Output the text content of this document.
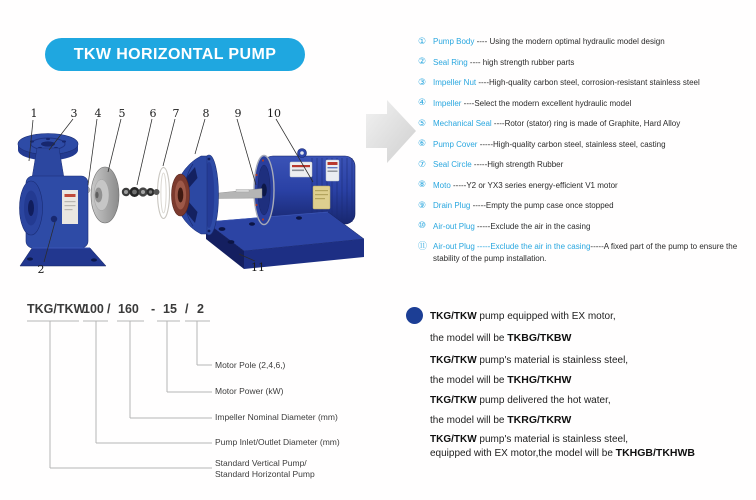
TKW HORIZONTAL PUMP
1	3	4	5	6	7	8	9	10
2	11
① Pump Body ---- Using the modern optimal hydraulic model design
② Seal Ring ---- high strength rubber parts
③ Impeller Nut ----High-quality carbon steel, corrosion-resistant stainless steel
④ Impeller ----Select the modern excellent hydraulic model
⑤ Mechanical Seal ----Rotor (stator) ring is made of Graphite, Hard Alloy
⑥ Pump Cover -----High-quality carbon steel, stainless steel, casting
⑦ Seal Circle -----High strength Rubber
⑧ Moto -----Y2 or YX3 series energy-efficient V1 motor
⑨ Drain Plug -----Empty the pump case once stopped
⑩ Air-out Plug -----Exclude the air in the casing
⑪ Air-out Plug -----Exclude the air in the casing-----A fixed part of the pump to ensure the stability of the pump installation.
TKG/TKW
100 / 160 - 15 / 2
Motor Pole (2,4,6,)
Motor Power (kW)
Impeller Nominal Diameter (mm)
Pump Inlet/Outlet Diameter (mm)
Standard Vertical Pump/
Standard Horizontal Pump
TKG/TKW pump equipped with EX motor,
the model will be TKBG/TKBW
TKG/TKW pump's material is stainless steel,
the model will be TKHG/TKHW
TKG/TKW pump delivered the hot water,
the model will be TKRG/TKRW
TKG/TKW pump's material is stainless steel,
equipped with EX motor,the model will be TKHGB/TKHWB
